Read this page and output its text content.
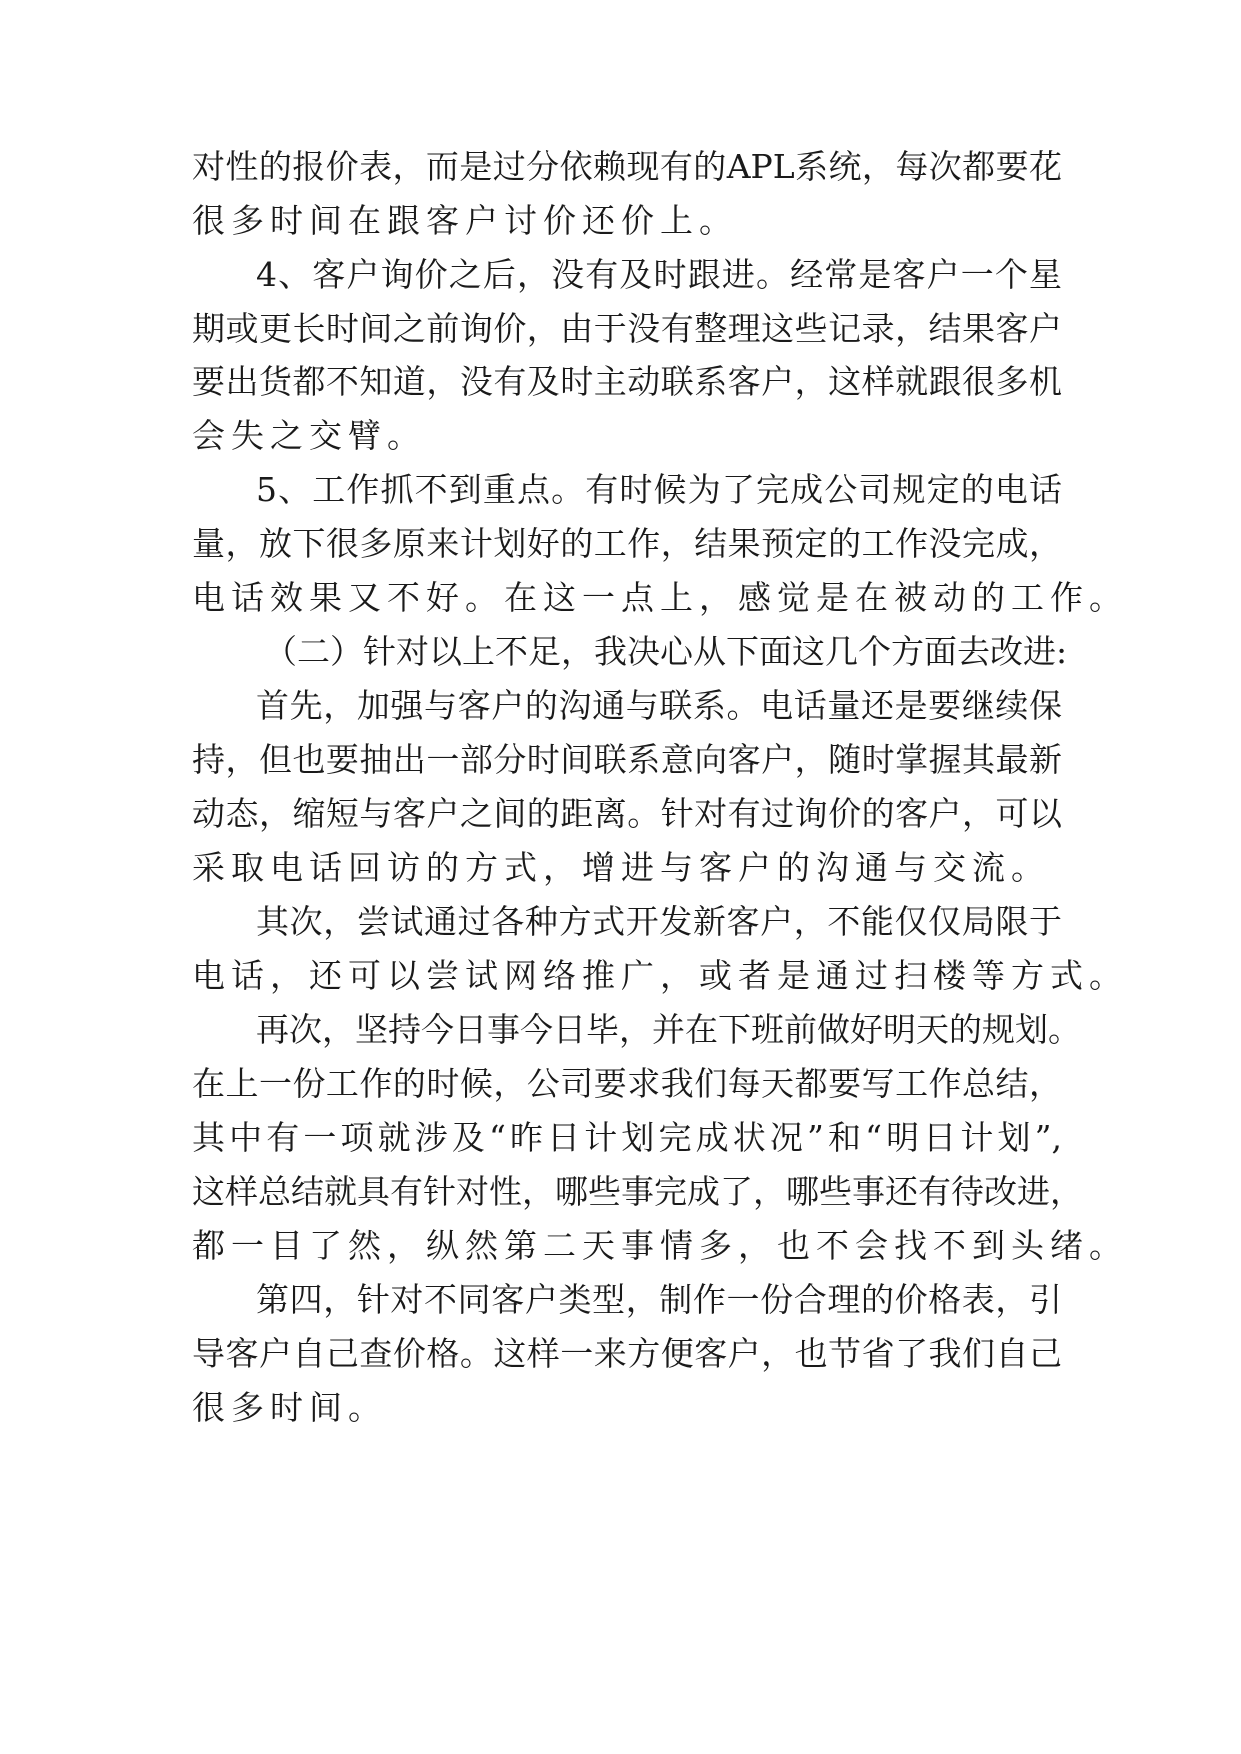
对性的报价表，而是过分依赖现有的APL系统，每次都要花
很多时间在跟客户讨价还价上。
4、客户询价之后，没有及时跟进。经常是客户一个星
期或更长时间之前询价，由于没有整理这些记录，结果客户
要出货都不知道，没有及时主动联系客户，这样就跟很多机
会失之交臂。
5、工作抓不到重点。有时候为了完成公司规定的电话
量，放下很多原来计划好的工作，结果预定的工作没完成，
电话效果又不好。在这一点上，感觉是在被动的工作。
（二）针对以上不足，我决心从下面这几个方面去改进:
首先，加强与客户的沟通与联系。电话量还是要继续保
持，但也要抽出一部分时间联系意向客户，随时掌握其最新
动态，缩短与客户之间的距离。针对有过询价的客户，可以
采取电话回访的方式，增进与客户的沟通与交流。
其次，尝试通过各种方式开发新客户，不能仅仅局限于
电话，还可以尝试网络推广，或者是通过扫楼等方式。
再次，坚持今日事今日毕，并在下班前做好明天的规划。
在上一份工作的时候，公司要求我们每天都要写工作总结，
其中有一项就涉及“昨日计划完成状况”和“明日计划”,
这样总结就具有针对性，哪些事完成了，哪些事还有待改进，
都一目了然，纵然第二天事情多，也不会找不到头绪。
第四，针对不同客户类型，制作一份合理的价格表，引
导客户自己查价格。这样一来方便客户，也节省了我们自己
很多时间。
